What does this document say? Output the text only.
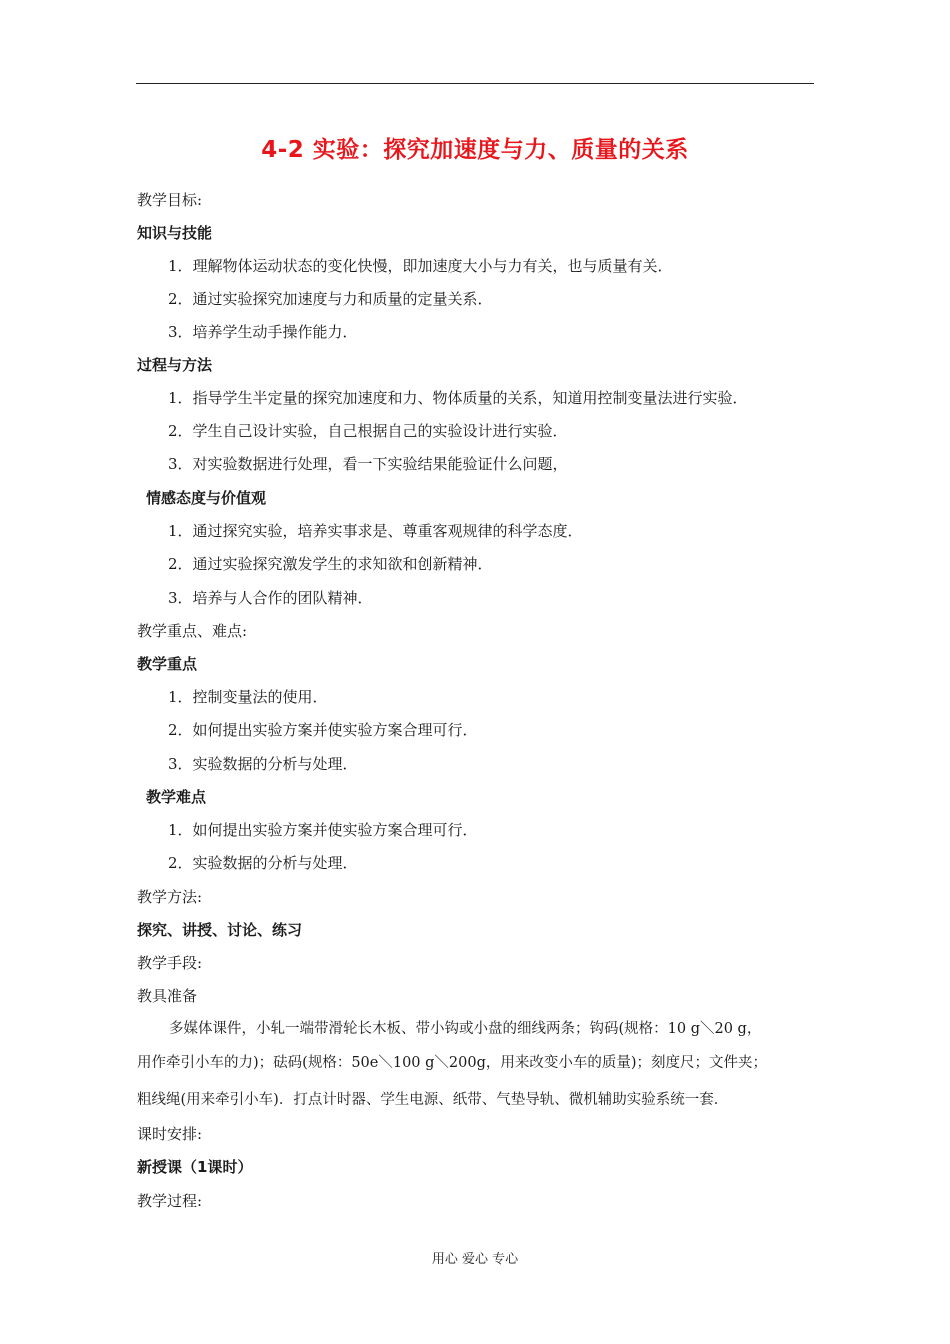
4-2 实验：探究加速度与力、质量的关系
教学目标:
知识与技能
1．理解物体运动状态的变化快慢，即加速度大小与力有关，也与质量有关．
2．通过实验探究加速度与力和质量的定量关系．
3．培养学生动手操作能力．
过程与方法
1．指导学生半定量的探究加速度和力、物体质量的关系，知道用控制变量法进行实验．
2．学生自己设计实验，自己根据自己的实验设计进行实验．
3．对实验数据进行处理，看一下实验结果能验证什么问题，
情感态度与价值观
1．通过探究实验，培养实事求是、尊重客观规律的科学态度．
2．通过实验探究激发学生的求知欲和创新精神．
3．培养与人合作的团队精神．
教学重点、难点:
教学重点
1．控制变量法的使用．
2．如何提出实验方案并使实验方案合理可行．
3．实验数据的分析与处理．
教学难点
1．如何提出实验方案并使实验方案合理可行．
2．实验数据的分析与处理．
教学方法:
探究、讲授、讨论、练习
教学手段:
教具准备
多媒体课件，小轧一端带滑轮长木板、带小钩或小盘的细线两条；钩码(规格：10 g＼20 g，
用作牵引小车的力)；砝码(规格：50e＼100 g＼200g，用来改变小车的质量)；刻度尺；文件夹；
粗线绳(用来牵引小车)．打点计时器、学生电源、纸带、气垫导轨、微机辅助实验系统一套．
课时安排:
新授课（1课时）
教学过程:
用心 爱心 专心
